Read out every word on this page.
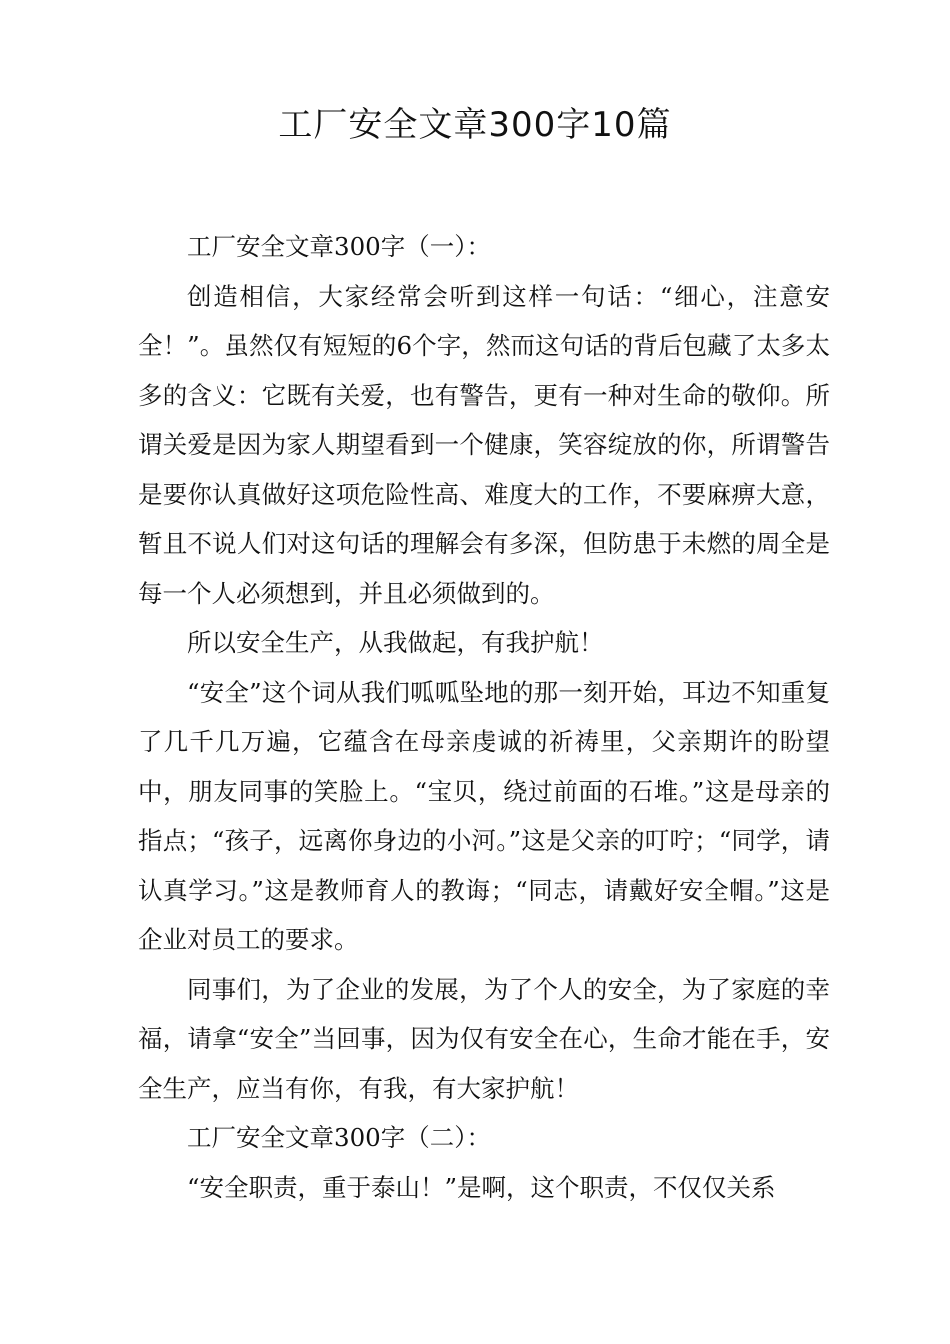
工厂安全文章300字10篇

工厂安全文章300字（一）：

创造相信，大家经常会听到这样一句话：“细心，注意安全！”。虽然仅有短短的6个字，然而这句话的背后包藏了太多太多的含义：它既有关爱，也有警告，更有一种对生命的敬仰。所谓关爱是因为家人期望看到一个健康，笑容绽放的你，所谓警告是要你认真做好这项危险性高、难度大的工作，不要麻痹大意，暂且不说人们对这句话的理解会有多深，但防患于未燃的周全是每一个人必须想到，并且必须做到的。

所以安全生产，从我做起，有我护航！

“安全”这个词从我们呱呱坠地的那一刻开始，耳边不知重复了几千几万遍，它蕴含在母亲虔诚的祈祷里，父亲期许的盼望中，朋友同事的笑脸上。“宝贝，绕过前面的石堆。”这是母亲的指点；“孩子，远离你身边的小河。”这是父亲的叮咛；“同学，请认真学习。”这是教师育人的教诲；“同志，请戴好安全帽。”这是企业对员工的要求。

同事们，为了企业的发展，为了个人的安全，为了家庭的幸福，请拿“安全”当回事，因为仅有安全在心，生命才能在手，安全生产，应当有你，有我，有大家护航！

工厂安全文章300字（二）：

“安全职责，重于泰山！”是啊，这个职责，不仅仅关系
